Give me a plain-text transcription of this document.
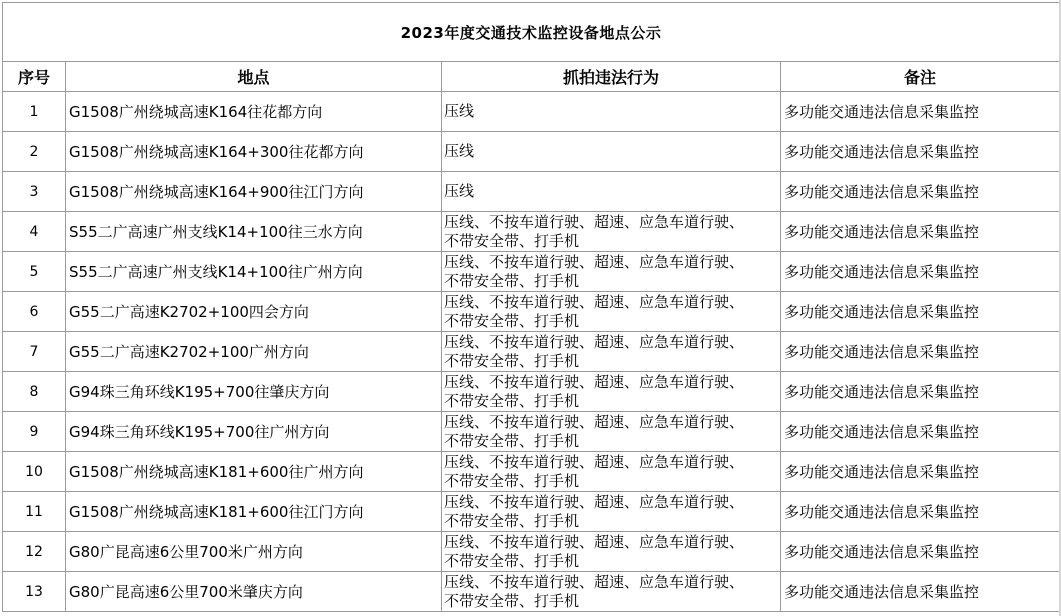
2023年度交通技术监控设备地点公示			
序号	地点	抓拍违法行为	备注
1	G1508广州绕城高速K164往花都方向	压线	多功能交通违法信息采集监控
2	G1508广州绕城高速K164+300往花都方向	压线	多功能交通违法信息采集监控
3	G1508广州绕城高速K164+900往江门方向	压线	多功能交通违法信息采集监控
4	S55二广高速广州支线K14+100往三水方向	压线、不按车道行驶、超速、应急车道行驶、
不带安全带、打手机	多功能交通违法信息采集监控
5	S55二广高速广州支线K14+100往广州方向	压线、不按车道行驶、超速、应急车道行驶、
不带安全带、打手机	多功能交通违法信息采集监控
6	G55二广高速K2702+100四会方向	压线、不按车道行驶、超速、应急车道行驶、
不带安全带、打手机	多功能交通违法信息采集监控
7	G55二广高速K2702+100广州方向	压线、不按车道行驶、超速、应急车道行驶、
不带安全带、打手机	多功能交通违法信息采集监控
8	G94珠三角环线K195+700往肇庆方向	压线、不按车道行驶、超速、应急车道行驶、
不带安全带、打手机	多功能交通违法信息采集监控
9	G94珠三角环线K195+700往广州方向	压线、不按车道行驶、超速、应急车道行驶、
不带安全带、打手机	多功能交通违法信息采集监控
10	G1508广州绕城高速K181+600往广州方向	压线、不按车道行驶、超速、应急车道行驶、
不带安全带、打手机	多功能交通违法信息采集监控
11	G1508广州绕城高速K181+600往江门方向	压线、不按车道行驶、超速、应急车道行驶、
不带安全带、打手机	多功能交通违法信息采集监控
12	G80广昆高速6公里700米广州方向	压线、不按车道行驶、超速、应急车道行驶、
不带安全带、打手机	多功能交通违法信息采集监控
13	G80广昆高速6公里700米肇庆方向	压线、不按车道行驶、超速、应急车道行驶、
不带安全带、打手机	多功能交通违法信息采集监控
